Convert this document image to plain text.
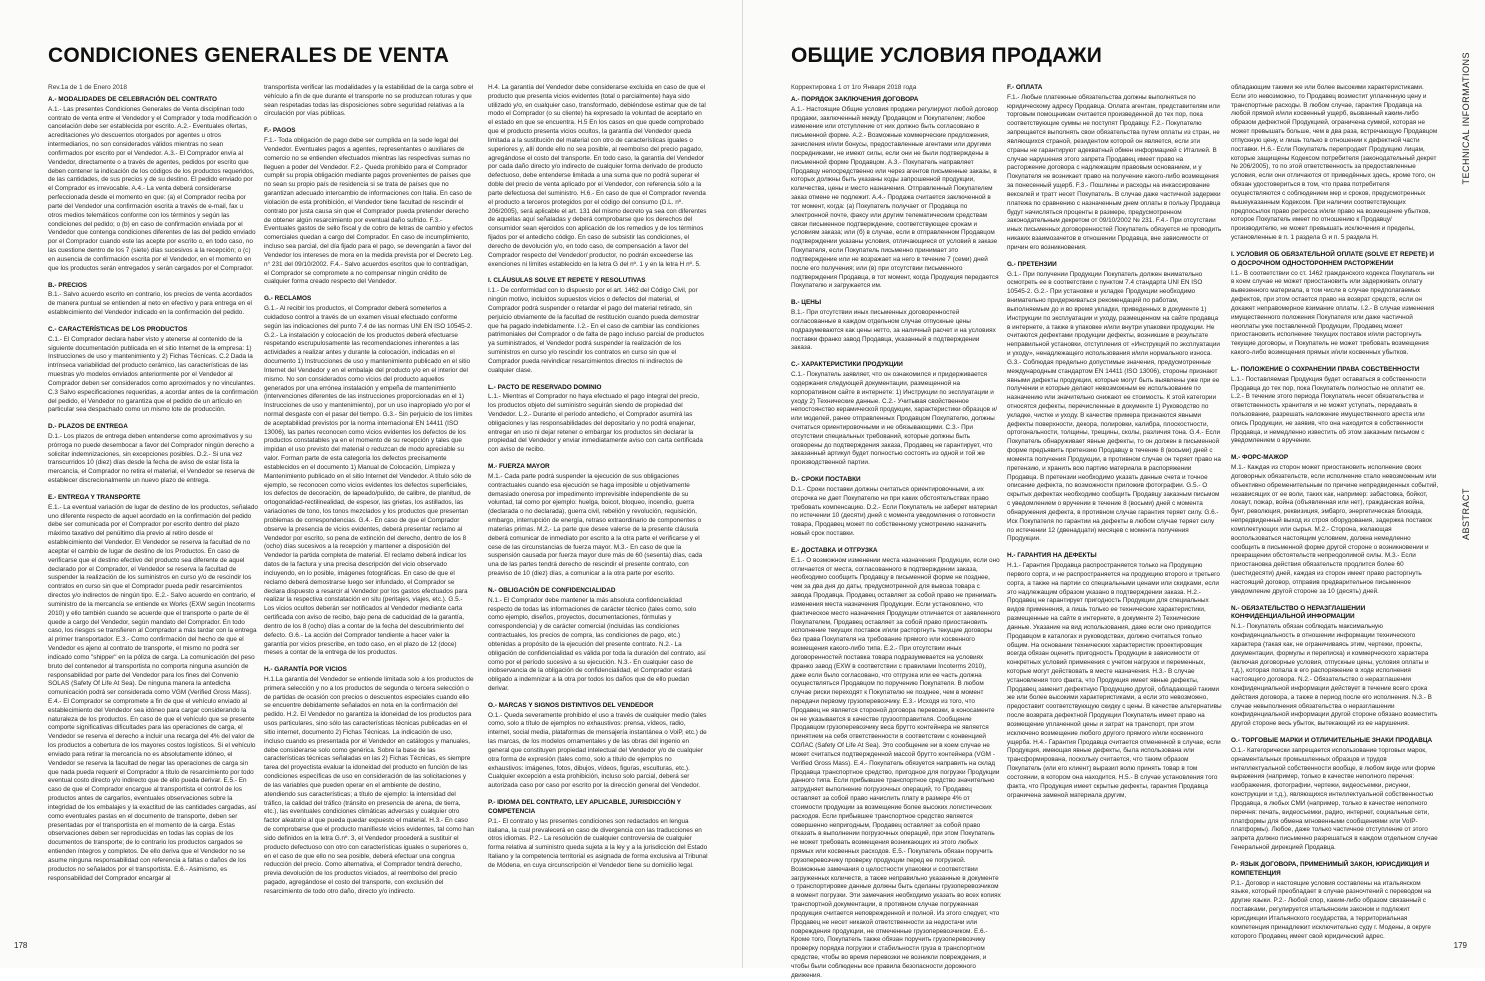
CONDICIONES GENERALES DE VENTA
Rev.1a de 1 de Enero 2018
A.- MODALIDADES DE CELEBRACIÓN DEL CONTRATO

A.1.- Las presentes Condiciones Generales de Venta disciplinan todo contrato de venta entre el Vendedor y el Comprador y toda modificación o cancelación debe ser establecida por escrito. A.2.- Eventuales ofertas, acreditaciones y/o descuentos otorgados por agentes u otros intermediarios, no son considerados válidos mientras no sean confirmados por escrito por el Vendedor. A.3.- El Comprador envía al Vendedor, directamente o a través de agentes, pedidos por escrito que deben contener la indicación de los códigos de los productos requeridos, de las cantidades, de sus precios y de su destino. El pedido enviado por el Comprador es irrevocable. A.4.- La venta deberá considerarse perfeccionada desde el momento en que: (a) el Comprador reciba por parte del Vendedor una confirmación escrita a través de e-mail, fax u otros medios telemáticos conforme con los términos y según las condiciones del pedido; o (b) en caso de confirmación enviada por el Vendedor que contenga condiciones diferentes de las del pedido enviado por el Comprador cuando este las acepte por escrito o, en todo caso, no las cuestione dentro de los 7 (siete) días sucesivos a la recepción; o (c) en ausencia de confirmación escrita por el Vendedor, en el momento en que los productos serán entregados y serán cargados por el Comprador.

B.- PRECIOS

B.1.- Salvo acuerdo escrito en contrario, los precios de venta acordados de manera puntual se entienden al neto en efectivo y para entrega en el establecimiento del Vendedor indicado en la confirmación del pedido.

C.- CARACTERÍSTICAS DE LOS PRODUCTOS

C.1.- El Comprador declara haber visto y atenerse al contenido de la siguiente documentación publicada en el sitio Internet de la empresa: 1) Instrucciones de uso y mantenimiento y 2) Fichas Técnicas. C.2 Dada la intrínseca variabilidad del producto cerámico, las características de las muestras y/o modelos enviados anteriormente por el Vendedor al Comprador deben ser considerados como aproximados y no vinculantes. C.3 Salvo especificaciones requeridas, a acordar antes de la confirmación del pedido, el Vendedor no garantiza que el pedido de un artículo en particular sea despachado como un mismo lote de producción.

D.- PLAZOS DE ENTREGA

D.1.- Los plazos de entrega deben entenderse como aproximativos y su prórroga no puede desembocar a favor del Comprador ningún derecho a solicitar indemnizaciones, sin excepciones posibles. D.2.- Si una vez transcurridos 10 (diez) días desde la fecha de aviso de estar lista la mercancía, el Comprador no retira el material, el Vendedor se reserva de establecer discrecionalmente un nuevo plazo de entrega.

E.- ENTREGA Y TRANSPORTE

E.1.- La eventual variación de lugar de destino de los productos, señalado uno diferente respecto de aquel acordado en la confirmación del pedido debe ser comunicada por el Comprador por escrito dentro del plazo máximo taxativo del penúltimo día previo al retiro desde el establecimiento del Vendedor. El Vendedor se reserva la facultad de no aceptar el cambio de lugar de destino de los Productos. En caso de verificarse que el destino efectivo del producto sea diferente de aquel declarado por el Comprador, el Vendedor se reserva la facultad de suspender la realización de los suministros en curso y/o de rescindir los contratos en curso sin que el Comprador pueda pedir resarcimientos directos y/o indirectos de ningún tipo. E.2.- Salvo acuerdo en contrario, el suministro de la mercancía se entiende ex Works (EXW según Incoterms 2010) y ello también cuando se acuerde que el transporte o parte de él quede a cargo del Vendedor, según mandato del Comprador. En todo caso, los riesgos se transfieren al Comprador a más tardar con la entrega al primer transportador. E.3.- Como confirmación del hecho de que el Vendedor es ajeno al contrato de transporte, el mismo no podrá ser indicado como "shipper" en la póliza de carga. La comunicación del peso bruto del contenedor al transportista no comporta ninguna asunción de responsabilidad por parte del Vendedor para los fines del Convenio SOLAS (Safety Of Life At Sea). De ninguna manera la antedicha comunicación podrá ser considerada como VGM (Verified Gross Mass). E.4.- El Comprador se compromete a fin de que el vehículo enviado al establecimiento del Vendedor sea idóneo para cargar considerando la naturaleza de los productos. En caso de que el vehículo que se presente comporte significativas dificultades para las operaciones de carga, el Vendedor se reserva el derecho a incluir una recarga del 4% del valor de los productos a cobertura de los mayores costos logísticos. Si el vehículo enviado para retirar la mercancía no es absolutamente idóneo, el Vendedor se reserva la facultad de negar las operaciones de carga sin que nada pueda requerir el Comprador a título de resarcimiento por todo eventual costo directo y/o indirecto que de ello pueda derivar. E.5.- En caso de que el Comprador encargue al transportista el control de los productos antes de cargarlos, eventuales observaciones sobre la integridad de los embalajes y la exactitud de las cantidades cargadas, así como eventuales pastas en el documento de transporte, deben ser presentadas por el transportista en el momento de la carga. Estas observaciones deben ser reproducidas en todas las copias de los documentos de transporte; de lo contrario los productos cargados se entienden íntegros y completos. De ello deriva que el Vendedor no se asume ninguna responsabilidad con referencia a faltas o daños de los productos no señalados por el transportista. E.6.- Asimismo, es responsabilidad del Comprador encargar al

transportista verificar las modalidades y la estabilidad de la carga sobre el vehículo a fin de que durante el transporte no se produzcan roturas y que sean respetadas todas las disposiciones sobre seguridad relativas a la circulación por vías públicas.

F.- PAGOS

F.1.- Toda obligación de pago debe ser cumplida en la sede legal del Vendedor. Eventuales pagos a agentes, representantes o auxiliares de comercio no se entienden efectuados mientras las respectivas sumas no lleguen a poder del Vendedor. F.2.- Queda prohibido para el Comprador cumplir su propia obligación mediante pagos provenientes de países que no sean su propio país de residencia si se trata de países que no garantizan adecuado intercambio de informaciones con Italia. En caso de violación de esta prohibición, el Vendedor tiene facultad de rescindir el contrato por justa causa sin que el Comprador pueda pretender derecho de obtener algún resarcimiento por eventual daño sufrido. F.3.- Eventuales gastos de sello fiscal y de cobro de letras de cambio y efectos comerciales quedan a cargo del Comprador. En caso de incumplimiento, incluso sea parcial, del día fijado para el pago, se devengarán a favor del Vendedor los intereses de mora en la medida prevista por el Decreto Leg. n° 231 del 09/10/2002. F.4.- Salvo acuerdos escritos que lo contradigan, el Comprador se compromete a no compensar ningún crédito de cualquier forma creado respecto del Vendedor.

G.- RECLAMOS

G.1.- Al recibir los productos, el Comprador deberá someterlos a cuidadoso control a través de un examen visual efectuado conforme según las indicaciones del punto 7.4 de las normas UNI EN ISO 10545-2. G.2.- La instalación y colocación de los productos deberá efectuarse respetando escrupulosamente las recomendaciones inherentes a las actividades a realizar antes y durante la colocación, indicadas en el documento 1) Instrucciones de uso y mantenimiento publicado en el sitio Internet del Vendedor y en el embalaje del producto y/o en el interior del mismo. No son considerados como vicios del producto aquellos generados por una errónea instalación y empeña de mantenimiento (intervenciones diferentes de las instrucciones proporcionadas en el 1) Instrucciones de uso y mantenimiento), por un uso inapropiado y/o por el normal desgaste con el pasar del tiempo. G.3.- Sin perjuicio de los límites de aceptabilidad previstos por la norma internacional EN 14411 (ISO 13006), las partes reconocen como vicios evidentes los defectos de los productos constatables ya en el momento de su recepción y tales que impidan el uso previsto del material o reduzcan de modo apreciable su valor. Forman parte de esta categoría los defectos precisamente establecidos en el documento 1) Manual de Colocación, Limpieza y Mantenimiento publicado en el sitio Internet del Vendedor. A título sólo de ejemplo, se reconocen como vicios evidentes los defectos superficiales, los defectos de decoración, de lapeado/pulido, de calibre, de planitud, de ortogonalidad-rectilinealidad, de espesor, las grietas, los astillados, las variaciones de tono, los tonos mezclados y los productos que presentan problemas de correspondencias. G.4.- En caso de que el Comprador observe la presencia de vicios evidentes, deberá presentar reclamo al Vendedor por escrito, so pena de extinción del derecho, dentro de los 8 (ocho) días sucesivos a la recepción y mantener a disposición del Vendedor la partida completa de material. El reclamo deberá indicar los datos de la factura y una precisa descripción del vicio observado incluyendo, en lo posible, imágenes fotográficas. En caso de que el reclamo deberá demostrarse luego ser infundado, el Comprador se declara dispuesto a resarcir al Vendedor por los gastos efectuados para realizar la respectiva constatación en situ (peritajes, viajes, etc.). G.5.- Los vicios ocultos deberán ser notificados al Vendedor mediante carta certificada con aviso de recibo, bajo pena de caducidad de la garantía, dentro de los 8 (ocho) días a contar de la fecha del descubrimiento del defecto. G.6.- La acción del Comprador tendiente a hacer valer la garantía por vicios prescribe, en todo caso, en el plazo de 12 (doce) meses a contar de la entrega de los productos.

H.- GARANTÍA POR VICIOS

H.1.La garantía del Vendedor se entiende limitada solo a los productos de primera selección y no a los productos de segunda o tercera selección o de partidas de ocasión con precios o descuentos especiales cuando ello se encuentre debidamente señalados en nota en la confirmación del pedido. H.2. El Vendedor no garantiza la idoneidad de los productos para usos particulares, sino sólo las características técnicas publicadas en el sitio internet, documento 2) Fichas Técnicas. La indicación de uso, incluso cuando es presentada por el Vendedor en catálogos y manuales, debe considerarse solo como genérica. Sobre la base de las características técnicas señaladas en las 2) Fichas Técnicas, es siempre tarea del proyectista evaluar la idoneidad del producto en función de las condiciones específicas de uso en consideración de las solicitaciones y de las variables que pueden operar en el ambiente de destino, atendiendo sus características; a título de ejemplo: la intensidad del tráfico, la calidad del tráfico (tránsito en presencia de arena, de tierra, etc.), las eventuales condiciones climáticas adversas y cualquier otro factor aleatorio al que pueda quedar expuesto el material. H.3.- En caso de comprobarse que el producto manifieste vicios evidentes, tal como han sido definidos en la letra G.nº. 3, el Vendedor procederá a sustituir el producto defectuoso con otro con características iguales o superiores o, en el caso de que ello no sea posible, deberá efectuar una congrua reducción del precio. Como alternativa, el Comprador tendrá derecho, previa devolución de los productos viciados, al reembolso del precio pagado, agregándose el costo del transporte, con exclusión del resarcimiento de todo otro daño, directo y/o indirecto.

H.4. La garantía del Vendedor debe considerarse excluida en caso de que el producto que presenta vicios evidentes (total o parcialmente) haya sido utilizado y/o, en cualquier caso, transformado, debiéndose estimar que de tal modo el Comprador (o su cliente) ha expresado la voluntad de aceptarlo en el estado en que se encuentra. H.5 En los casos en que quede comprobado que el producto presenta vicios ocultos, la garantía del Vendedor queda limitada a la sustitución del material con otro de características iguales o superiores y, allí donde ello no sea posible, al reembolso del precio pagado, agregándose el costo del transporte. En todo caso, la garantía del Vendedor por cada daño directo y/o indirecto de cualquier forma derivado de producto defectuoso, debe entenderse limitada a una suma que no podrá superar el doble del precio de venta aplicado por el Vendedor, con referencia sólo a la parte defectuosa del suministro. H.6.- En caso de que el Comprador revenda el producto a terceros protegidos por el código del consumo (D.L. nº. 206/2005), será aplicable el art. 131 del mismo decreto ya sea con diferentes de aquellas aquí señaladas y deberá comprobarse que los derechos del consumidor sean ejercidos con aplicación de los remedios y de los términos fijados por el antedicho código. En caso de subsistir las condiciones, el derecho de devolución y/o, en todo caso, de compensación a favor del Comprador respecto del Vendedor/ productor, no podrán exceederse las exenciones ni límites establecido en la letra G del nº. 1 y en la letra H nº. 5.

I. CLÁUSULAS SOLVE ET REPETE Y RESOLUTIVAS

I.1.- De conformidad con lo dispuesto por el art. 1462 del Código Civil, por ningún motivo, incluidos supuestos vicios o defectos del material, el Comprador podrá suspender o retardar el pago del material retirado, sin perjuicio obviamente de la facultad de restitución cuando pueda demostrar que ha pagado indebidamente. I.2.- En el caso de cambiar las condiciones patrimoniales del Comprador o de falta de pago incluso parcial de productos ya suministrados, el Vendedor podrá suspender la realización de los suministros en curso y/o rescindir los contratos en curso sin que el Comprador pueda reivindicar resarcimientos directos ni indirectos de cualquier clase.

L.- PACTO DE RESERVADO DOMINIO

L.1.- Mientras el Comprador no haya efectuado el pago íntegral del precio, los productos objeto del suministro seguirán siendo de propiedad del Vendedor. L.2.- Durante el período antedicho, el Comprador asumirá las obligaciones y las responsabilidades del depositario y no podrá enajenar, entregar en uso ni dejar retener o embargar los productos sin declarar la propiedad del Vendedor y enviar inmediatamente aviso con carta certificada con aviso de recibo.

M.- FUERZA MAYOR

M.1.- Cada parte podrá suspender la ejecución de sus obligaciones contractuales cuando esa ejecución se haga imposible u objetivamente demasiado onerosa por impedimento imprevisible independiente de su voluntad, tal como por ejemplo: huelga, boicot, bloqueo, incendio, guerra (declarada o no declarada), guerra civil, rebelión y revolución, requisición, embargo, interrupción de energía, retraso extraordinario de componentes o materias primas. M.2.- La parte que desee valerse de la presente cláusula deberá comunicar de inmediato por escrito a la otra parte el verificarse y el cese de las circunstancias de fuerza mayor. M.3.- En caso de que la suspensión causada por fuerza mayor dure más de 60 (sesenta) días, cada una de las partes tendrá derecho de rescindir el presente contrato, con preaviso de 10 (diez) días, a comunicar a la otra parte por escrito.

N.- OBLIGACIÓN DE CONFIDENCIALIDAD

N.1.- El Comprador debe mantener la más absoluta confidencialidad respecto de todas las informaciones de carácter técnico (tales como, solo como ejemplo, diseños, proyectos, documentaciones, fórmulas y correspondencia) y de carácter comercial (incluidas las condiciones contractuales, los precios de compra, las condiciones de pago, etc.) obtenidas a propósito de la ejecución del presente contrato. N.2.- La obligación de confidencialidad es válida por toda la duración del contrato, así como por el período sucesivo a su ejecución. N.3.- En cualquier caso de inobservancia de la obligación de confidencialidad, el Comprador estará obligado a indemnizar a la otra por todos los daños que de ello puedan derivar.

O.- MARCAS Y SIGNOS DISTINTIVOS DEL VENDEDOR

O.1.- Queda severamente prohibido el uso a través de cualquier medio (tales como, solo a título de ejemplos no exhaustivos: prensa, vídeos, radio, internet, social media, plataformas de mensajería instantánea o VoiP, etc.) de las marcas, de los modelos ornamentales y de las obras del ingenio en general que constituyen propiedad intelectual del Vendedor y/o de cualquier otra forma de expresión (tales como, solo a título de ejemplos no exhaustivos: imágenes, fotos, dibujos, vídeos, figuras, esculturas, etc.). Cualquier excepción a esta prohibición, incluso solo parcial, deberá ser autorizada caso por caso por escrito por la dirección general del Vendedor.

P.- IDIOMA DEL CONTRATO, LEY APLICABLE, JURISDICCIÓN Y COMPETENCIA

P.1.- El contrato y las presentes condiciones son redactados en lengua italiana, la cual prevalecerá en caso de divergencia con las traducciones en otros idiomas. P.2.- La resolución de cualquier controversia de cualquier forma relativa al suministro queda sujeta a la ley y a la jurisdicción del Estado Italiano y la competencia territorial es asignada de forma exclusiva al Tribunal de Módena, en cuya circunscripción el Vendedor tiene su domicilio legal.

178
ОБЩИЕ УСЛОВИЯ ПРОДАЖИ
Корректировка 1 от 1го Января 2018 года
А.- ПОРЯДОК ЗАКЛЮЧЕНИЯ ДОГОВОРА

А.1.- Настоящие Общие условия продажи регулируют любой договор продажи, заключенный между Продавцом и Покупателем; любое изменение или отступление от них должно быть согласовано в письменной форме. А.2.- Возможные коммерческие предложения, зачисления и/или бонусы, предоставленные агентами или другими посредниками, не имеют силы, если они не были подтверждены в письменной форме Продавцом. А.3.- Покупатель направляет Продавцу непосредственно или через агентов письменные заказы, в которых должны быть указаны коды запрошенной продукции, количества, цены и место назначения. Отправленный Покупателем заказ отмене не подлежит. А.4.- Продажа считается заключенной в тот момент, когда: (а) Покупатель получает от Продавца по электронной почте, факсу или другим телематическим средствам связи письменное подтверждение, соответствующее срокам и условиям заказа; или (б) в случае, если в отправленном Продавцом подтверждении указаны условия, отличающиеся от условий в заказе Покупателя, если Покупатель письменно принимает это подтверждение или не возражает на него в течение 7 (семи) дней после его получения; или (в) при отсутствии письменного подтверждения Продавца, в тот момент, когда Продукция передается Покупателю и загружается им.

B.- ЦЕНЫ

В.1.- При отсутствии иных письменных договоренностей согласованные в каждом отдельном случае отпускные цены подразумеваются как цены нетто, за наличный расчет и на условиях поставки франко завод Продавца, указанный в подтверждении заказа.

C.- ХАРАКТЕРИСТИКИ ПРОДУКЦИИ

С.1.- Покупатель заявляет, что он ознакомился и придерживается содержания следующей документации, размещенной на корпоративном сайте в интернете: 1) Инструкции по эксплуатации и уходу 2) Технические данные. С.2.- Учитывая свойственное непостоянство керамической продукции, характеристики образцов и/или моделей, ранее отправленных Продавцом Покупателю, должны считаться ориентировочными и не обязывающими. С.3.- При отсутствии специальных требований, которые должны быть оговорены до подтверждения заказа, Продавец не гарантирует, что заказанный артикул будет полностью состоять из одной и той же производственной партии.

D.- СРОКИ ПОСТАВКИ

D.1.- Сроки поставки должны считаться ориентировочными, а их отсрочка не дает Покупателю ни при каких обстоятельствах право требовать компенсацию. D.2.- Если Покупатель не заберет материал по истечении 10 (десяти) дней с момента уведомления о готовности товара, Продавец может по собственному усмотрению назначить новый срок поставки.

E.- ДОСТАВКА И ОТГРУЗКА

Е.1.- О возможном изменении места назначения Продукции, если оно отличается от места, согласованного в подтверждении заказа, необходимо сообщить Продавцу в письменной форме не позднее, чем за два дня до даты, предусмотренной для вывоза товара с завода Продавца. Продавец оставляет за собой право не принимать изменения места назначения Продукции. Если установлено, что фактическое место назначения Продукции отличается от заявленного Покупателем, Продавец оставляет за собой право приостановить исполнение текущих поставок и/или расторгнуть текущие договоры без права Покупателя на требование прямого или косвенного возмещения какого-либо типа. Е.2.- При отсутствии иных договоренностей поставка товара подразумевается на условиях франко завод (EXW в соответствии с правилами Incoterms 2010), даже если было согласовано, что отгрузка или ее часть должна осуществляться Продавцом по поручению Покупателя. В любом случае риски переходят к Покупателю не позднее, чем в момент передачи первому грузоперевозчику. Е.3.- Исходя из того, что Продавец не является стороной договора перевозки, в коносаменте он не указывается в качестве грузоотправителя. Сообщение Продавцом грузоперевозчику веса брутто контейнера не является принятием на себя ответственности в соответствии с конвенцией СОЛАС (Safety Of Life At Sea). Это сообщение ни в коем случае не может считаться подтвержденной массой брутто контейнера (VGM - Verified Gross Mass). Е.4.- Покупатель обязуется направить на склад Продавца транспортное средство, пригодное для погрузки Продукции данного типа. Если прибывшее транспортное средство значительно затрудняет выполнение погрузочных операций, то Продавец оставляет за собой право начислить плату в размере 4% от стоимости продукции за возмещение более высоких логистических расходов. Если прибывшее транспортное средство является совершенно непригодным, Продавец оставляет за собой право отказать в выполнении погрузочных операций, при этом Покупатель не может требовать возмещения возникающих из этого любых прямых или косвенных расходов. Е.5.- Покупатель обязан поручить грузоперевозчику проверку продукции перед ее погрузкой. Возможные замечания о целостности упаковки и соответствии загруженных количеств, а также неправильно указанные в документе о транспортировке данные должны быть сделаны грузоперевозчиком в момент погрузки. Эти замечания необходимо указать во всех копиях транспортной документации, в противном случае погруженная продукция считается неповрежденной и полной. Из этого следует, что Продавец не несет никакой ответственности за недостачи или повреждения продукции, не отмеченные грузоперевозчиком. Е.6.- Кроме того, Покупатель также обязан поручить грузоперевозчику проверку порядка погрузки и стабильности груза в транспортном средстве, чтобы во время перевозки не возникли повреждения, и чтобы были соблюдены все правила безопасности дорожного движения.

F.- ОПЛАТА

F.1.- Любые платежные обязательства должны выполняться по юридическому адресу Продавца. Оплата агентам, представителям или торговым помощникам считается произведенной до тех пор, пока соответствующие суммы не поступят Продавцу. F.2.- Покупателю запрещается выполнять свои обязательства путем оплаты из стран, не являющихся страной, резидентом которой он является, если эти страны не гарантируют адекватный обмен информацией с Италией. В случае нарушения этого запрета Продавец имеет право на расторжение договора с надлежащим правовым основанием, и у Покупателя не возникает право на получение какого-либо возмещения за понесенный ущерб. F.3.- Пошлины и расходы на инкассирование векселей и тратт несет Покупатель. В случае даже частичной задержки платежа по сравнению с назначенным днем оплаты в пользу Продавца будут начисляться проценты в размере, предусмотренном законодательным декретом от 09/10/2002 № 231. F.4.- При отсутствии иных письменных договоренностей Покупатель обязуется не проводить никаких взаимозачетов в отношении Продавца, вне зависимости от причин его возникновения.

G.- ПРЕТЕНЗИИ

G.1.- При получении Продукции Покупатель должен внимательно осмотреть ее в соответствии с пунктом 7.4 стандарта UNI EN ISO 10545-2. G.2.- При установке и укладке Продукции необходимо внимательно придерживаться рекомендаций по работам, выполняемым до и во время укладки, приведенных в документе 1) Инструкции по эксплуатации и уходу, размещенном на сайте продавца в интернете, а также в упаковке и/или внутри упаковки продукции. Не считаются дефектами продукции дефекты, возникшие в результате неправильной установки, отступления от «Инструкций по эксплуатации и уходу», ненадлежащего использования и/или нормального износа. G.3.- Соблюдая предельно допустимые значения, предусмотренные международным стандартом EN 14411 (ISO 13006), стороны признают явными дефекты продукции, которые могут быть выявлены уже при ее получении и которые делают невозможным ее использование по назначению или значительно снижают ее стоимость. К этой категории относятся дефекты, перечисленные в документе 1) Руководство по укладке, чистке и уходу. В качестве примера признаются явными дефекты поверхности, декора, полировки, калибра, плоскостности, ортогональности, толщины, трещины, сколы, различия тона. G.4.- Если Покупатель обнаруживает явные дефекты, то он должен в письменной форме предъявить претензию Продавцу в течение 8 (восьми) дней с момента получения Продукции, в противном случае он теряет право на претензию, и хранить всю партию материала в распоряжении Продавца. В претензии необходимо указать данные счета и точное описание дефекта, по возможности приложив фотографии. G.5.- О скрытых дефектах необходимо сообщить Продавцу заказным письмом с уведомлением о вручении в течение 8 (восьми) дней с момента обнаружения дефекта, в противном случае гарантия теряет силу. G.6.- Иск Покупателя по гарантии на дефекты в любом случае теряет силу по истечении 12 (двенадцати) месяцев с момента получения Продукции.

H.- ГАРАНТИЯ НА ДЕФЕКТЫ

H.1.- Гарантия Продавца распространяется только на Продукцию первого сорта, и не распространяется на продукцию второго и третьего сорта, а также на партии со специальными ценами или скидками, если это надлежащим образом указано в подтверждении заказа. H.2.- Продавец не гарантирует пригодность Продукции для специальных видов применения, а лишь только ее технические характеристики, размещенные на сайте в интернете, в документе 2) Технические данные. Указание на вид использования, даже если оно приводится Продавцом в каталогах и руководствах, должно считаться только общим. На основании технических характеристик проектировщик всегда обязан оценить пригодность Продукции в зависимости от конкретных условий применения с учетом нагрузок и переменных, которые могут действовать в месте назначения. H.3.- В случае установления того факта, что Продукция имеет явные дефекты, Продавец заменит дефектную Продукцию другой, обладающей такими же или более высокими характеристиками, а если это невозможно, предоставит соответствующую скидку с цены. В качестве альтернативы после возврата дефектной Продукции Покупатель имеет право на возмещение уплаченной цены и затрат на транспорт, при этом исключено возмещение любого другого прямого и/или косвенного ущерба. H.4.- Гарантия Продавца считается отмененной в случае, если Продукция, имеющая явные дефекты, была использована или трансформирована, поскольку считается, что таким образом Покупатель (или его клиент) выразил волю принять товар в том состоянии, в котором она находится. H.5.- В случае установления того факта, что Продукция имеет скрытые дефекты, гарантия Продавца ограничена заменой материала другим,

обладающим такими же или более высокими характеристиками. Если это невозможно, то Продавец возместит уплаченную цену и транспортные расходы. В любом случае, гарантия Продавца на любой прямой и/или косвенный ущерб, вызванный каким-либо образом дефектной Продукцией, ограничена суммой, которая не может превышать больше, чем в два раза, встречающую Продавцом отпускную цену, и лишь только в отношении к дефектной части поставки. H.6.- Если Покупатель перепродает Продукцию лицам, которые защищены Кодексом потребителя (законодательный декрет № 206/2005), то по этой ответственность за предоставленные условия, если они отличаются от приведённых здесь, кроме того, он обязан удостовериться в том, что права потребителя осуществляются с соблюдением мер и сроков, предусмотренных вышеуказанным Кодексом. При наличии соответствующих предпосылок право регресса и/или право на возмещение убытков, которое Покупатель имеет по отношению к Продавцу/производителю, не может превышать исключения и пределы, установленные в п. 1 раздела G и п. 5 раздела H.

I. УСЛОВИЯ ОБ ОБЯЗАТЕЛЬНОЙ ОПЛАТЕ (SOLVE ET REPETE) И О ДОСРОЧНОМ ОДНОСТОРОННЕМ РАСТОРЖЕНИИ

I.1.- В соответствии со ст. 1462 гражданского кодекса Покупатель ни в коем случае не может приостановить или задерживать оплату вывезенного материала, в том числе в случае предполагаемых дефектов, при этом остается право на возврат средств, если он докажет неправомерное взимание оплаты. I.2.- В случае изменения имущественного положения Покупателя или даже частичной неоплаты уже поставленной Продукции, Продавец может приостановить исполнение текущих поставок и/или расторгнуть текущие договоры, и Покупатель не может требовать возмещения какого-либо возмещения прямых и/или косвенных убытков.

L.- ПОЛОЖЕНИЕ О СОХРАНЕНИИ ПРАВА СОБСТВЕННОСТИ

L.1.- Поставляемая Продукция будет оставаться в собственности Продавца до тех пор, пока Покупатель полностью не оплатит ее. L.2.- В течение этого периода Покупатель несет обязательства и ответственность хранителя и не может уступать, передавать в пользование, разрешать наложение имущественного ареста или опись Продукции, не заявив, что она находится в собственности Продавца, и немедленно известить об этом заказным письмом с уведомлением о вручении.

M.- ФОРС-МАЖОР

M.1.- Каждая из сторон может приостановить исполнение своих договорных обязательств, если исполнение стало невозможным или объективно обременительным по причине непредвиденных событий, независящих от ее воли, таких как, например: забастовка, бойкот, локаут, пожар, война (объявленная или нет), гражданская война, бунт, революция, реквизиция, эмбарго, энергетическая блокада, непредвиденный выход из строя оборудования, задержка поставок комплектующих или сырья. M.2.- Сторона, желающая воспользоваться настоящим условием, должна немедленно сообщить в письменной форме другой стороне о возникновении и прекращении обстоятельств непреодолимой силы. M.3.- Если приостановка действия обязательств продлится более 60 (шестидесяти) дней, каждая из сторон имеет право расторгнуть настоящий договор, отправив предварительное письменное уведомление другой стороне за 10 (десять) дней.

N.- ОБЯЗАТЕЛЬСТВО О НЕРАЗГЛАШЕНИИ КОНФИДЕНЦИАЛЬНОЙ ИНФОРМАЦИИ

N.1.- Покупатель обязан соблюдать максимальную конфиденциальность в отношении информации технического характера (такая как, не ограничиваясь этим, чертежи, проекты, документации, формулы и переписка) и коммерческого характера (включая договорные условия, отпускные цены, условия оплаты и т.д.), которая попала в его распоряжение в ходе исполнения настоящего договора. N.2.- Обязательство о неразглашении конфиденциальной информации действует в течение всего срока действия договора, а также в период после его исполнения. N.3.- В случае невыполнения обязательства о неразглашении конфиденциальной информации другой стороне обязано возместить другой стороне весь убыток, вытекающий из ее нарушения.

O.- ТОРГОВЫЕ МАРКИ И ОТЛИЧИТЕЛЬНЫЕ ЗНАКИ ПРОДАВЦА

O.1.- Категорически запрещается использование торговых марок, орнаментальных промышленных образцов и трудов интеллектуальной собственности вообще, в любом виде или форме выражения (например, только в качестве неполного перечня: изображения, фотографии, чертежи, видеосъемки, рисунки, конструкции и т.д.), являющихся интеллектуальной собственностью Продавца, в любых СМИ (например, только в качестве неполного перечня: печать, видеосъемки, радио, интернет, социальные сети, платформы для обмена мгновенными сообщениями или VoIP-платформы). Любое, даже только частичное отступление от этого запрета должно письменно разрешаться в каждом отдельном случае Генеральной дирекцией Продавца.

P.- ЯЗЫК ДОГОВОРА, ПРИМЕНИМЫЙ ЗАКОН, ЮРИСДИКЦИЯ И КОМПЕТЕНЦИЯ

P.1.- Договор и настоящие условия составлены на итальянском языке, который преобладает в случае разночтений с переводом на другие языки. P.2.- Любой спор, каким-либо образом связанный с поставками, регулируется итальянским законом и подлежит юрисдикции Итальянского государства, а территориальная компетенция принадлежит исключительно суду г. Модены, в округе которого Продавец имеет свой юридический адрес.

TECHNICAL INFORMATIONS
ABSTRACT
179
